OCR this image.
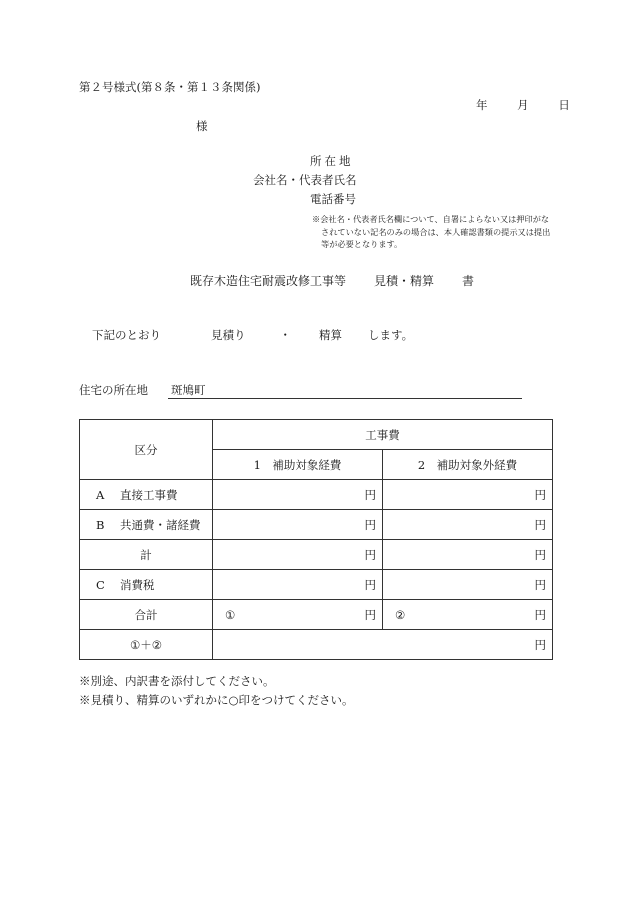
第２号様式(第８条・第１３条関係)
年	月	日
様
所在地
会社名・代表者氏名
電話番号
※会社名・代表者氏名欄について、自署によらない又は押印がな
されていない記名のみの場合は、本人確認書類の提示又は提出
等が必要となります。
既存木造住宅耐震改修工事等 見積・精算 書
下記のとおり	見積り	・ 精算 します。
住宅の所在地 斑鳩町
区分	工事費	
	1　補助対象経費	2　補助対象外経費
A 直接工事費	円	円
B 共通費・諸経費	円	円
計	円	円
C 消費税	円	円
合計	① 円	② 円

①＋②	円	
※別途、内訳書を添付してください。
※見積り、精算のいずれかに○印をつけてください。
